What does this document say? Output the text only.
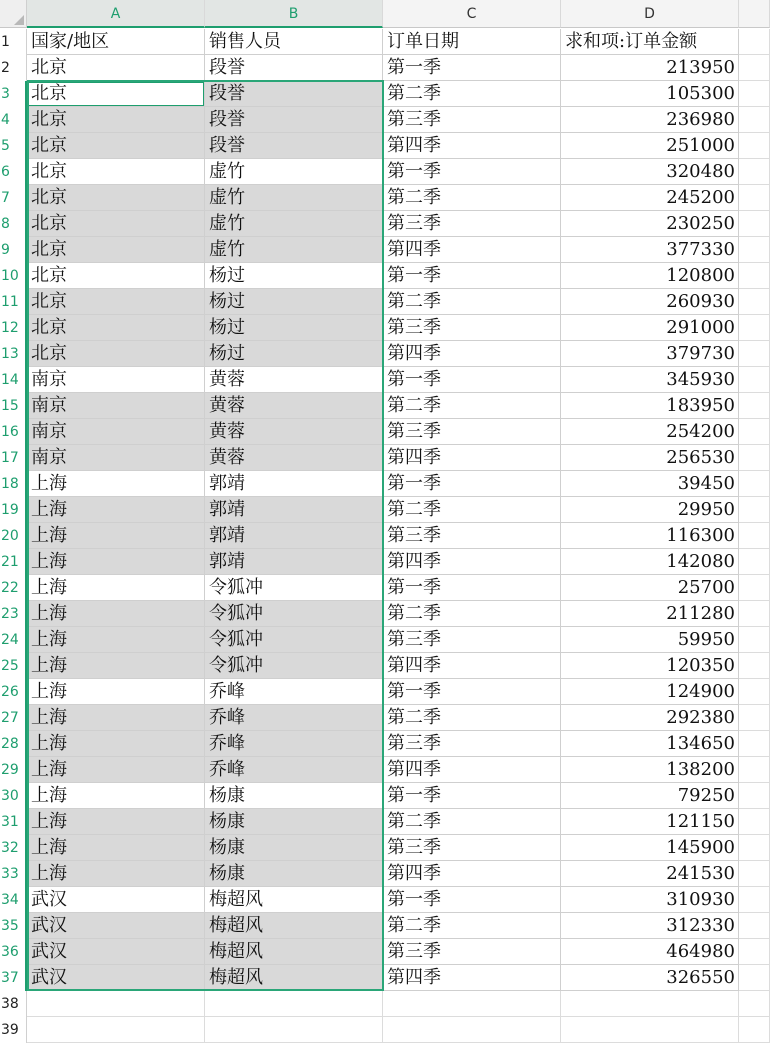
A	B	C	D
1
2
3
4
5
6
7
8
9
10
11
12
13
14
15
16
17
18
19
20
21
22
23
24
25
26
27
28
29
30
31
32
33
34
35
36
37
38
39
国家/地区	销售人员	订单日期	求和项:订单金额
北京	段誉	第一季	213950
北京	段誉	第二季	105300
北京	段誉	第三季	236980
北京	段誉	第四季	251000
北京	虚竹	第一季	320480
北京	虚竹	第二季	245200
北京	虚竹	第三季	230250
北京	虚竹	第四季	377330
北京	杨过	第一季	120800
北京	杨过	第二季	260930
北京	杨过	第三季	291000
北京	杨过	第四季	379730
南京	黄蓉	第一季	345930
南京	黄蓉	第二季	183950
南京	黄蓉	第三季	254200
南京	黄蓉	第四季	256530
上海	郭靖	第一季	39450
上海	郭靖	第二季	29950
上海	郭靖	第三季	116300
上海	郭靖	第四季	142080
上海	令狐冲	第一季	25700
上海	令狐冲	第二季	211280
上海	令狐冲	第三季	59950
上海	令狐冲	第四季	120350
上海	乔峰	第一季	124900
上海	乔峰	第二季	292380
上海	乔峰	第三季	134650
上海	乔峰	第四季	138200
上海	杨康	第一季	79250
上海	杨康	第二季	121150
上海	杨康	第三季	145900
上海	杨康	第四季	241530
武汉	梅超风	第一季	310930
武汉	梅超风	第二季	312330
武汉	梅超风	第三季	464980
武汉	梅超风	第四季	326550
